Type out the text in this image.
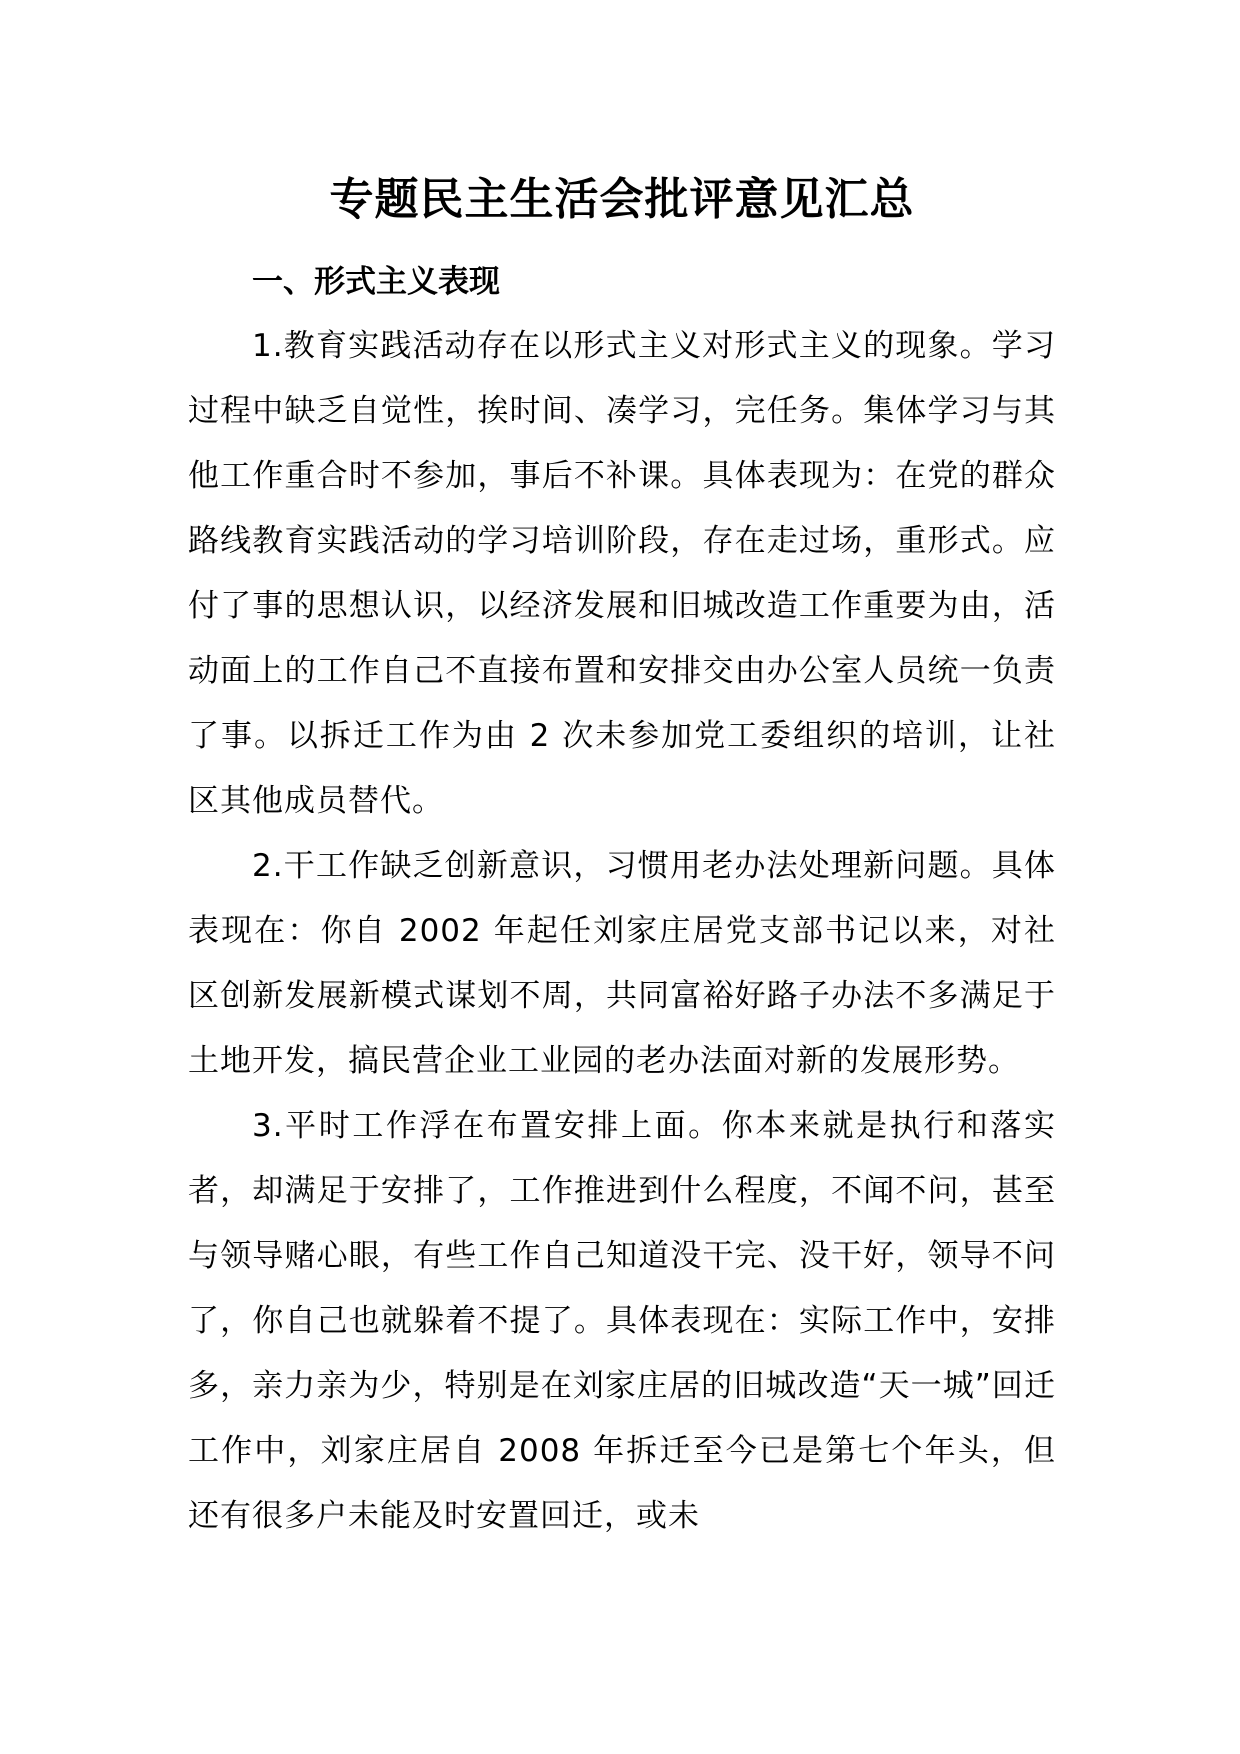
专题民主生活会批评意见汇总
一、形式主义表现

1.教育实践活动存在以形式主义对形式主义的现象。学习过程中缺乏自觉性，挨时间、凑学习，完任务。集体学习与其他工作重合时不参加，事后不补课。具体表现为：在党的群众路线教育实践活动的学习培训阶段，存在走过场，重形式。应付了事的思想认识，以经济发展和旧城改造工作重要为由，活动面上的工作自己不直接布置和安排交由办公室人员统一负责了事。以拆迁工作为由 2 次未参加党工委组织的培训，让社区其他成员替代。

2.干工作缺乏创新意识，习惯用老办法处理新问题。具体表现在：你自 2002 年起任刘家庄居党支部书记以来，对社区创新发展新模式谋划不周，共同富裕好路子办法不多满足于土地开发，搞民营企业工业园的老办法面对新的发展形势。

3.平时工作浮在布置安排上面。你本来就是执行和落实者，却满足于安排了，工作推进到什么程度，不闻不问，甚至与领导赌心眼，有些工作自己知道没干完、没干好，领导不问了，你自己也就躲着不提了。具体表现在：实际工作中，安排多，亲力亲为少，特别是在刘家庄居的旧城改造“天一城”回迁工作中，刘家庄居自 2008 年拆迁至今已是第七个年头，但还有很多户未能及时安置回迁，或未
